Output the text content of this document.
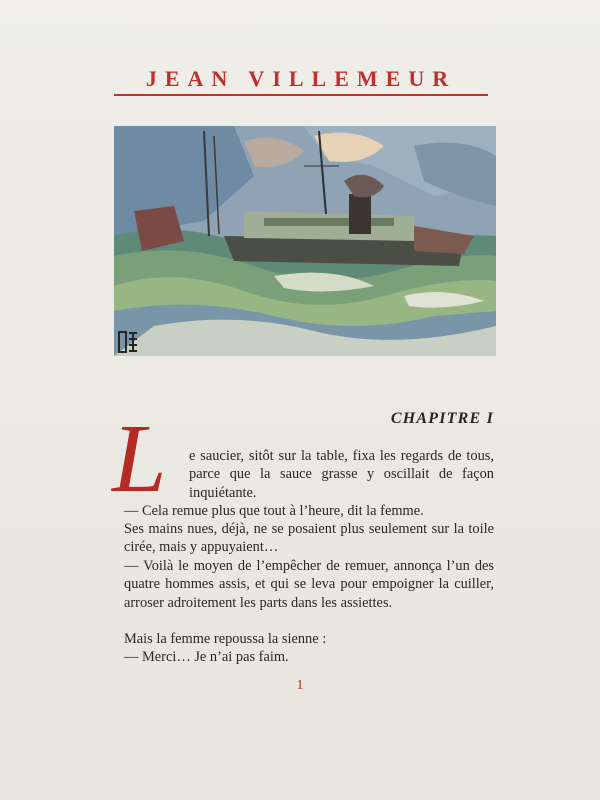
JEAN VILLEMEUR
CHAPITRE I
L e saucier, sitôt sur la table, fixa les regards de tous, parce que la sauce grasse y oscillait de façon inquiétante.

— Cela remue plus que tout à l’heure, dit la femme.

Ses mains nues, déjà, ne se posaient plus seulement sur la toile cirée, mais y appuyaient…

— Voilà le moyen de l’empêcher de remuer, annonça l’un des quatre hommes assis, et qui se leva pour empoigner la cuiller, arroser adroitement les parts dans les assiettes.

Mais la femme repoussa la sienne :

— Merci… Je n’ai pas faim.

1
